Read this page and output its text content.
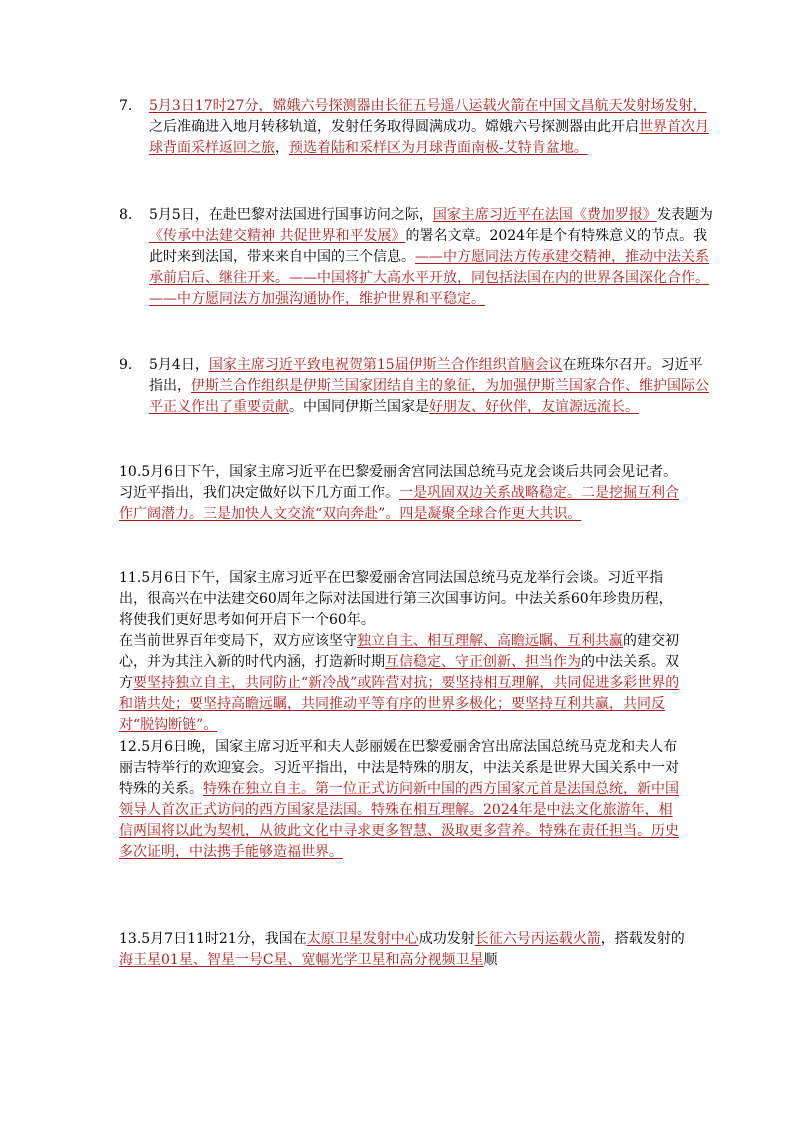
7. 5月3日17时27分，嫦娥六号探测器由长征五号遥八运载火箭在中国文昌航天发射场发射，之后准确进入地月转移轨道，发射任务取得圆满成功。嫦娥六号探测器由此开启世界首次月球背面采样返回之旅，预选着陆和采样区为月球背面南极-艾特肯盆地。

8. 5月5日，在赴巴黎对法国进行国事访问之际，国家主席习近平在法国《费加罗报》发表题为《传承中法建交精神 共促世界和平发展》的署名文章。2024年是个有特殊意义的节点。我此时来到法国，带来来自中国的三个信息。——中方愿同法方传承建交精神，推动中法关系承前启后、继往开来。——中国将扩大高水平开放，同包括法国在内的世界各国深化合作。——中方愿同法方加强沟通协作，维护世界和平稳定。

9. 5月4日，国家主席习近平致电祝贺第15届伊斯兰合作组织首脑会议在班珠尔召开。习近平指出，伊斯兰合作组织是伊斯兰国家团结自主的象征，为加强伊斯兰国家合作、维护国际公平正义作出了重要贡献。中国同伊斯兰国家是好朋友、好伙伴，友谊源远流长。

10.5月6日下午，国家主席习近平在巴黎爱丽舍宫同法国总统马克龙会谈后共同会见记者。习近平指出，我们决定做好以下几方面工作。一是巩固双边关系战略稳定。二是挖掘互利合作广阔潜力。三是加快人文交流“双向奔赴”。四是凝聚全球合作更大共识。

11.5月6日下午，国家主席习近平在巴黎爱丽舍宫同法国总统马克龙举行会谈。习近平指出，很高兴在中法建交60周年之际对法国进行第三次国事访问。中法关系60年珍贵历程，将使我们更好思考如何开启下一个60年。

在当前世界百年变局下，双方应该坚守独立自主、相互理解、高瞻远瞩、互利共赢的建交初心，并为其注入新的时代内涵，打造新时期互信稳定、守正创新、担当作为的中法关系。双方要坚持独立自主，共同防止“新冷战”或阵营对抗；要坚持相互理解，共同促进多彩世界的和谐共处；要坚持高瞻远瞩，共同推动平等有序的世界多极化；要坚持互利共赢，共同反对“脱钩断链”。

12.5月6日晚，国家主席习近平和夫人彭丽媛在巴黎爱丽舍宫出席法国总统马克龙和夫人布丽吉特举行的欢迎宴会。习近平指出，中法是特殊的朋友，中法关系是世界大国关系中一对特殊的关系。特殊在独立自主。第一位正式访问新中国的西方国家元首是法国总统，新中国领导人首次正式访问的西方国家是法国。特殊在相互理解。2024年是中法文化旅游年，相信两国将以此为契机，从彼此文化中寻求更多智慧、汲取更多营养。特殊在责任担当。历史多次证明，中法携手能够造福世界。

13.5月7日11时21分，我国在太原卫星发射中心成功发射长征六号丙运载火箭，搭载发射的海王星01星、智星一号C星、宽幅光学卫星和高分视频卫星顺
